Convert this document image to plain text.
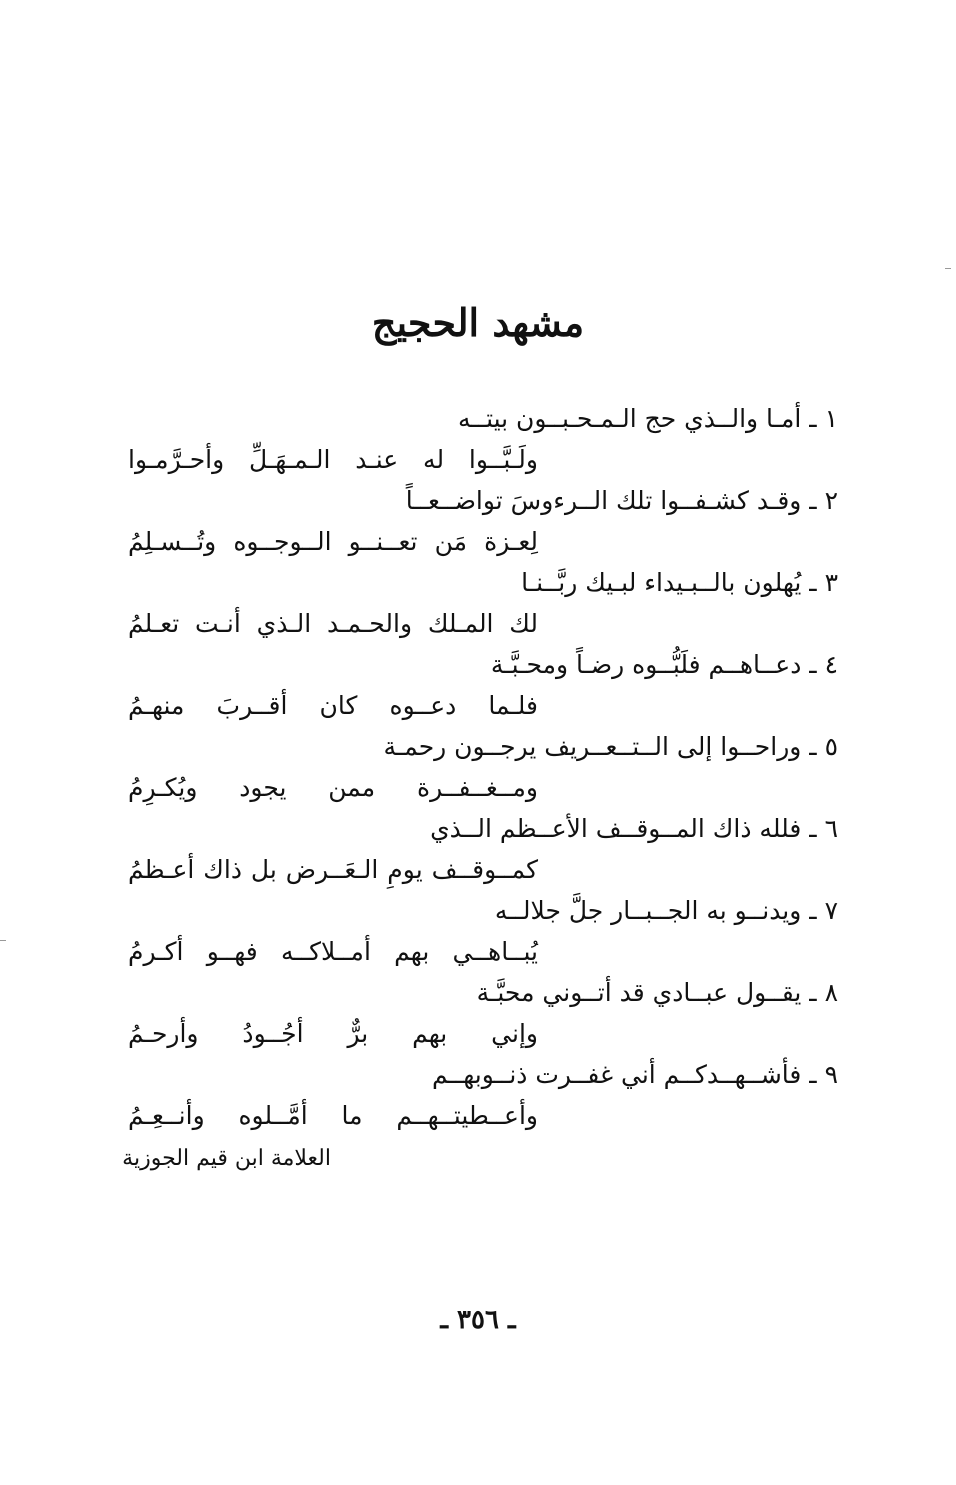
مشهد الحجيج
١ ـ أمـا والــذي حج الـمـحـبــون بيتــه
ولَـبَّــوا له عنـد الـمـهَـلِّ وأحـرَّمـوا
٢ ـ وقـد كشـفــوا تلك الــرءوسَ تواضــعــاً
لِعـزة مَن تعــنــو الــوجــوه وتُــسـلِمُ
٣ ـ يُهلون بالــبـيداء لبـيك ربَّــنـا
لك المـلك والحـمـد الـذي أنـت تعـلمُ
٤ ـ دعــاهــم فلَبُّــوه رضـاً ومحـبَّـة
فلـما دعــوه كان أقــربَ منهـمُ
٥ ـ وراحــوا إلى الــتــعــريف يرجــون رحمـة
ومــغــفــرة ممن يجود ويُكـرِمُ
٦ ـ فلله ذاك المــوقــف الأعــظم الــذي
كمــوقــف يومِ الـعَــرض بل ذاك أعـظمُ
٧ ـ ويدنــو به الجــبــار جلَّ جلالــه
يُبــاهــي بهم أمــلاكــه فهــو أكـرمُ
٨ ـ يقــول عبــادي قد أتــوني محبَّـة
وإني بهم برٌّ أجُــودُ وأرحـمُ
٩ ـ فأشــهــدكــم أني غفــرت ذنــوبهــم
وأعــطيتــهــم ما أمَّــلوه وأنــعِـمُ
العلامة ابن قيم الجوزية
ـ ٣٥٦ ـ
